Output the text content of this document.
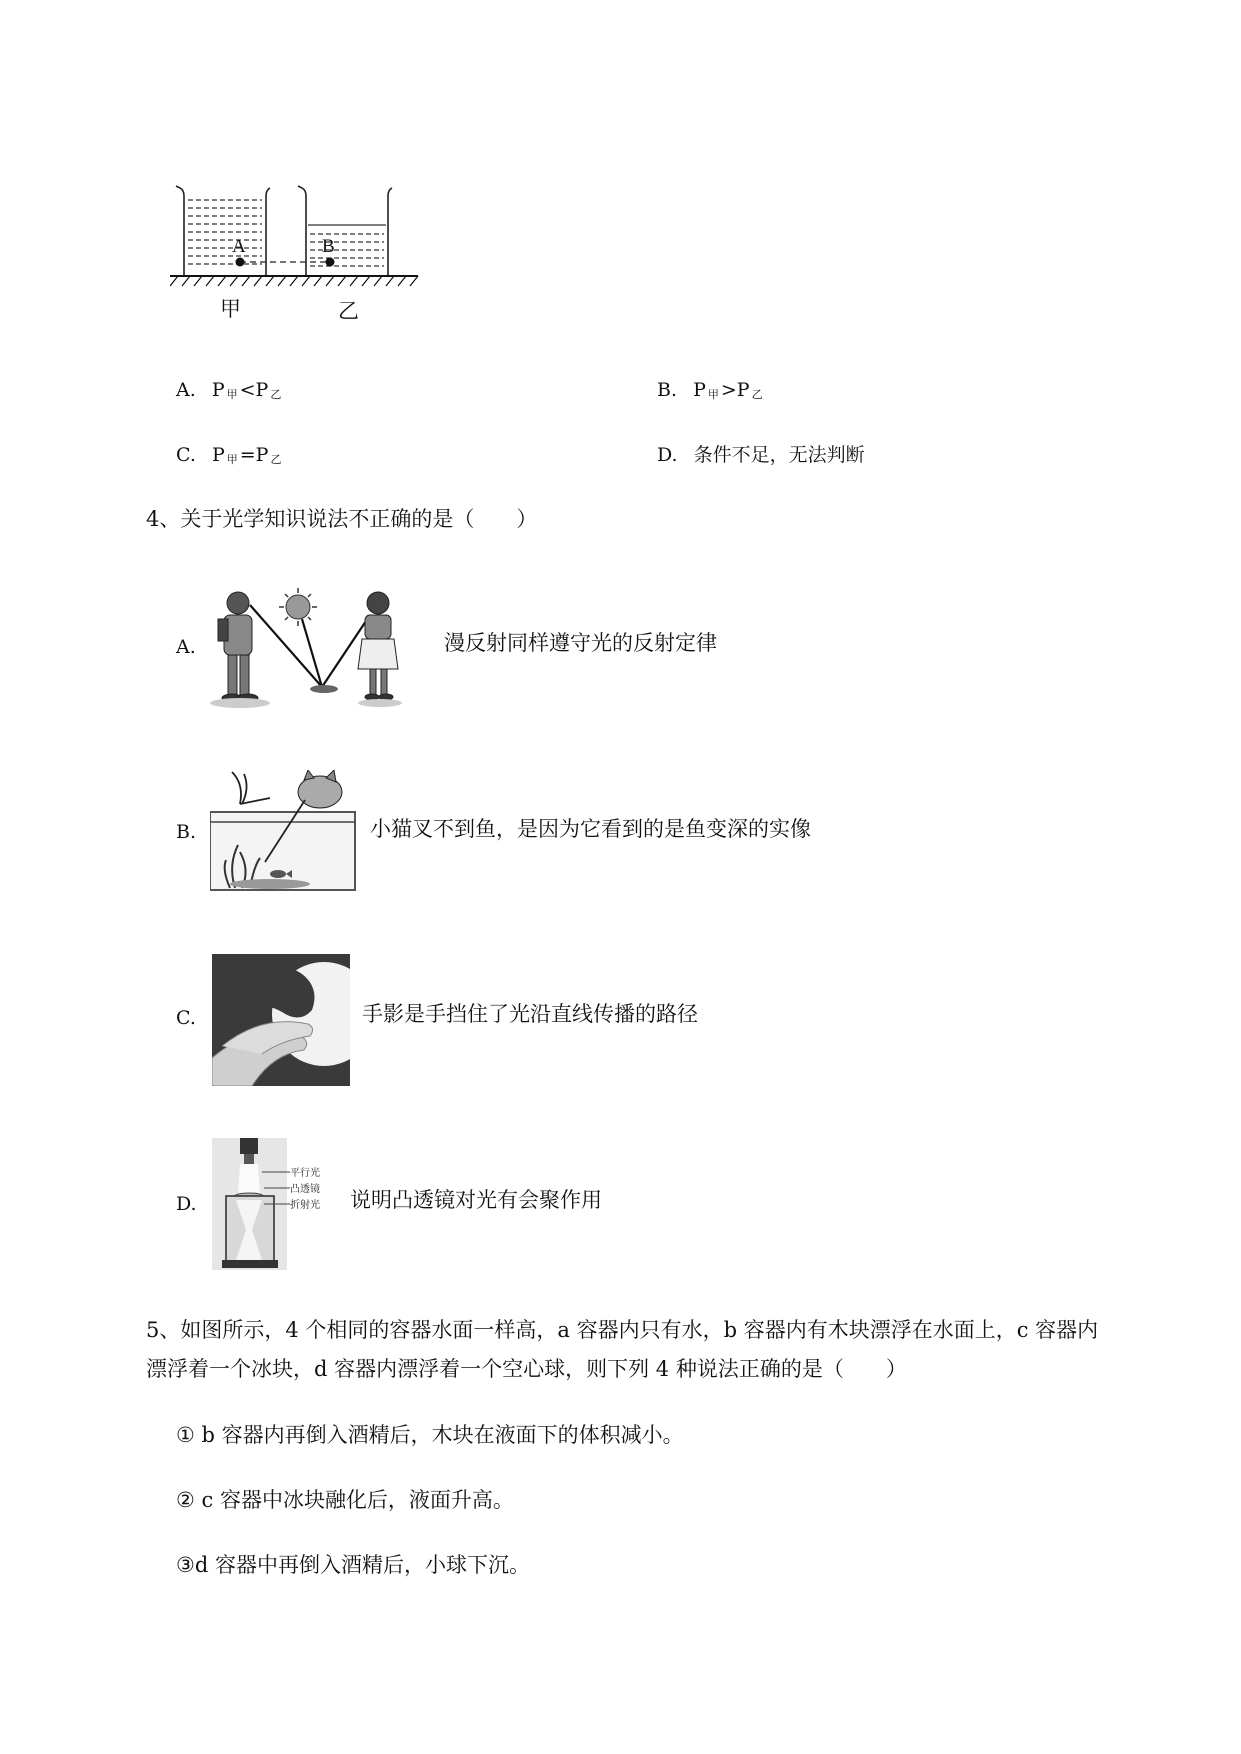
A	B
甲	乙
A. P 甲 <P 乙	B. P 甲 >P 乙
C. P 甲 =P 乙	D. 条件不足，无法判断
4、关于光学知识说法不正确的是（　　）
A.	漫反射同样遵守光的反射定律
B.	小猫叉不到鱼，是因为它看到的是鱼变深的实像
C.	手影是手挡住了光沿直线传播的路径
D.
平行光
凸透镜
折射光 说明凸透镜对光有会聚作用
5、如图所示，4 个相同的容器水面一样高，a 容器内只有水，b 容器内有木块漂浮在水面上，c 容器内
漂浮着一个冰块，d 容器内漂浮着一个空心球，则下列 4 种说法正确的是（　　）
① b 容器内再倒入酒精后，木块在液面下的体积减小。
② c 容器中冰块融化后，液面升高。
③d 容器中再倒入酒精后，小球下沉。
